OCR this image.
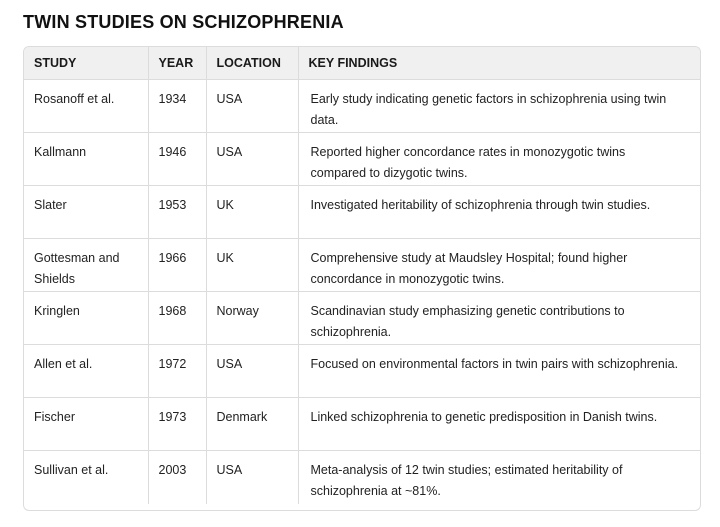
TWIN STUDIES ON SCHIZOPHRENIA
STUDY	YEAR	LOCATION	KEY FINDINGS
Rosanoff et al.	1934	USA	Early study indicating genetic factors in schizophrenia using twin data.
Kallmann	1946	USA	Reported higher concordance rates in monozygotic twins compared to dizygotic twins.
Slater	1953	UK	Investigated heritability of schizophrenia through twin studies.
Gottesman and Shields	1966	UK	Comprehensive study at Maudsley Hospital; found higher concordance in monozygotic twins.
Kringlen	1968	Norway	Scandinavian study emphasizing genetic contributions to schizophrenia.
Allen et al.	1972	USA	Focused on environmental factors in twin pairs with schizophrenia.
Fischer	1973	Denmark	Linked schizophrenia to genetic predisposition in Danish twins.
Sullivan et al.	2003	USA	Meta-analysis of 12 twin studies; estimated heritability of schizophrenia at ~81%.
